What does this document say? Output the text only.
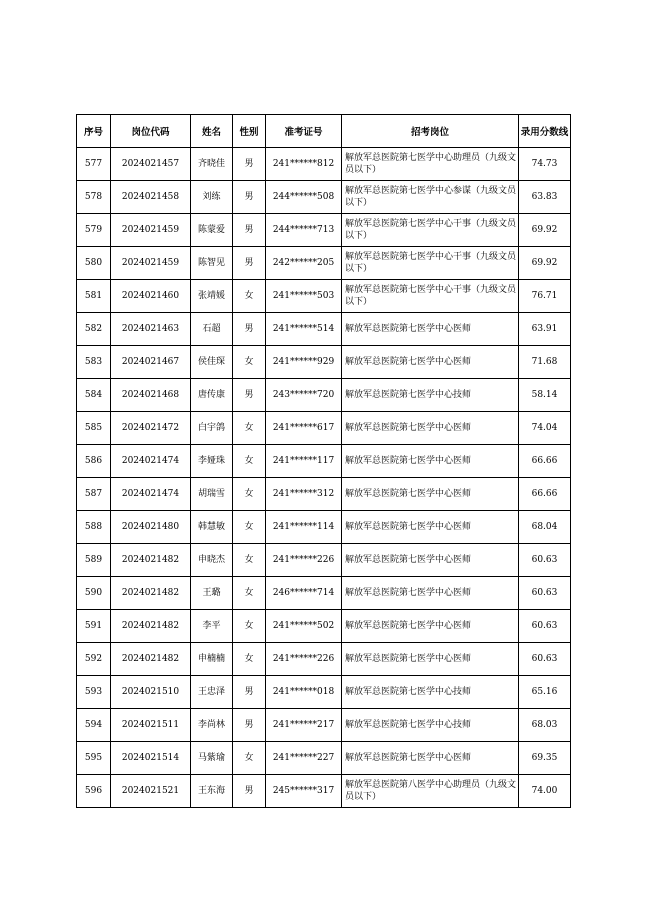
序号	岗位代码	姓名	性别	准考证号	招考岗位	录用分数线
577	2024021457	齐晓佳	男	241******812	解放军总医院第七医学中心助理员（九级文员以下）	74.73
578	2024021458	刘练	男	244******508	解放军总医院第七医学中心参谋（九级文员以下）	63.83
579	2024021459	陈蒙爱	男	244******713	解放军总医院第七医学中心干事（九级文员以下）	69.92
580	2024021459	陈智见	男	242******205	解放军总医院第七医学中心干事（九级文员以下）	69.92
581	2024021460	张靖媛	女	241******503	解放军总医院第七医学中心干事（九级文员以下）	76.71
582	2024021463	石超	男	241******514	解放军总医院第七医学中心医师	63.91
583	2024021467	侯佳琛	女	241******929	解放军总医院第七医学中心医师	71.68
584	2024021468	唐传康	男	243******720	解放军总医院第七医学中心技师	58.14
585	2024021472	白宇鸽	女	241******617	解放军总医院第七医学中心医师	74.04
586	2024021474	李娅珠	女	241******117	解放军总医院第七医学中心医师	66.66
587	2024021474	胡瑞雪	女	241******312	解放军总医院第七医学中心医师	66.66
588	2024021480	韩慧敏	女	241******114	解放军总医院第七医学中心医师	68.04
589	2024021482	申晓杰	女	241******226	解放军总医院第七医学中心医师	60.63
590	2024021482	王璐	女	246******714	解放军总医院第七医学中心医师	60.63
591	2024021482	李平	女	241******502	解放军总医院第七医学中心医师	60.63
592	2024021482	申楠楠	女	241******226	解放军总医院第七医学中心医师	60.63
593	2024021510	王忠泽	男	241******018	解放军总医院第七医学中心技师	65.16
594	2024021511	李尚林	男	241******217	解放军总医院第七医学中心技师	68.03
595	2024021514	马紫瑜	女	241******227	解放军总医院第七医学中心医师	69.35
596	2024021521	王东海	男	245******317	解放军总医院第八医学中心助理员（九级文员以下）	74.00
